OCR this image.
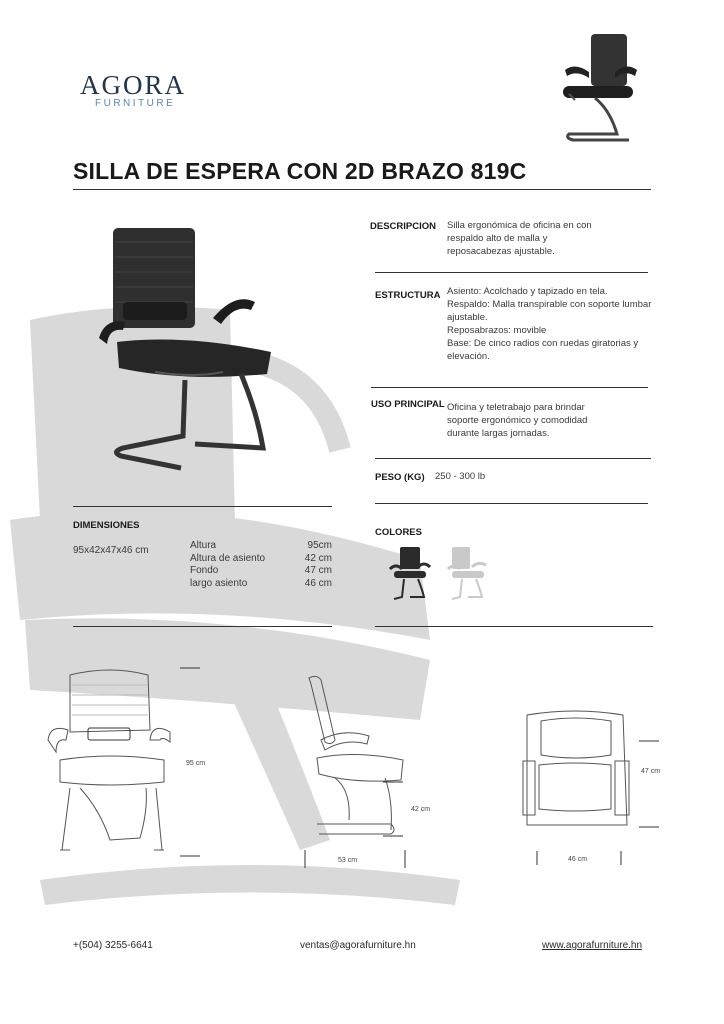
AGORA
FURNITURE
SILLA DE ESPERA CON 2D BRAZO 819C
DESCRIPCION Silla ergonómica de oficina en con
respaldo alto de malla y
reposacabezas ajustable.
ESTRUCTURA Asiento: Acolchado y tapizado en tela.
Respaldo: Malla transpirable con soporte lumbar
ajustable.
Reposabrazos: movible
Base: De cinco radios con ruedas giratorias y
elevación.
USO PRINCIPAL Oficina y teletrabajo para brindar
soporte ergonómico y comodidad
durante largas jornadas.
PESO (KG) 250 - 300 lb
DIMENSIONES
95x42x47x46 cm	Altura	95cm
Altura de asiento	42 cm
Fondo	47 cm
largo asiento	46 cm
COLORES
95 cm
42 cm
53 cm
47 cm
46 cm
+(504) 3255-6641	ventas@agorafurniture.hn	www.agorafurniture.hn
